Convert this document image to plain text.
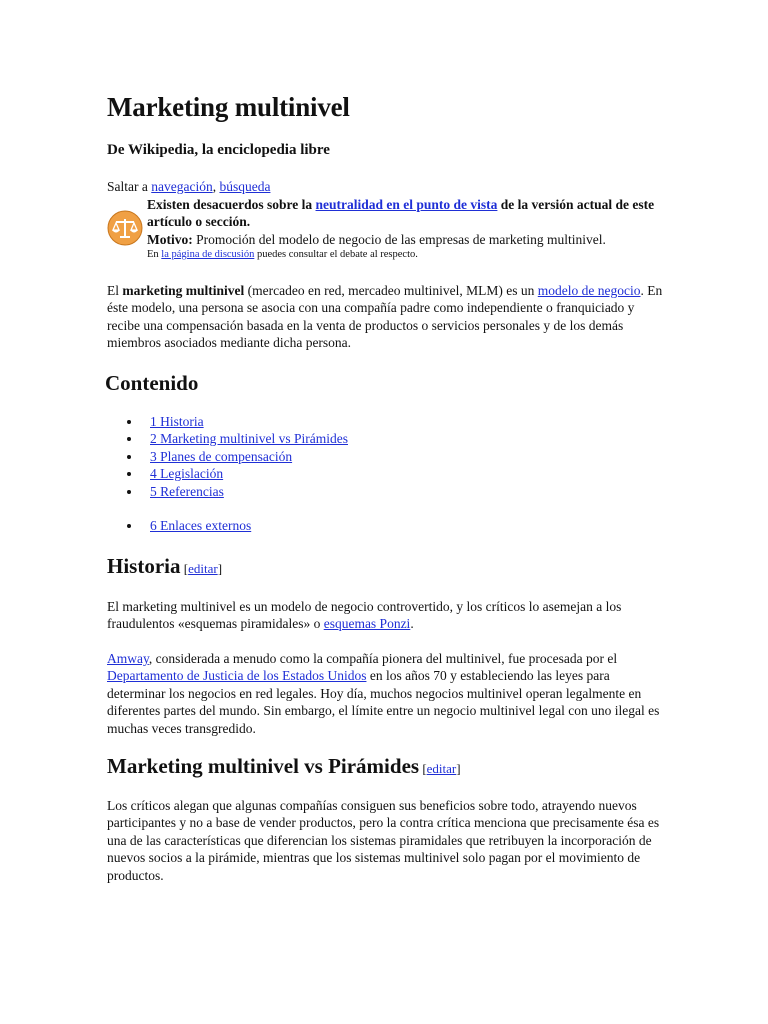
Marketing multinivel
De Wikipedia, la enciclopedia libre
Saltar a navegación, búsqueda
Existen desacuerdos sobre la neutralidad en el punto de vista de la versión actual de este artículo o sección.
Motivo: Promoción del modelo de negocio de las empresas de marketing multinivel.
En la página de discusión puedes consultar el debate al respecto.
El marketing multinivel (mercadeo en red, mercadeo multinivel, MLM) es un modelo de negocio. En éste modelo, una persona se asocia con una compañía padre como independiente o franquiciado y recibe una compensación basada en la venta de productos o servicios personales y de los demás miembros asociados mediante dicha persona.
Contenido
1 Historia
2 Marketing multinivel vs Pirámides
3 Planes de compensación
4 Legislación
5 Referencias
6 Enlaces externos
Historia [editar]
El marketing multinivel es un modelo de negocio controvertido, y los críticos lo asemejan a los fraudulentos «esquemas piramidales» o esquemas Ponzi.
Amway, considerada a menudo como la compañía pionera del multinivel, fue procesada por el Departamento de Justicia de los Estados Unidos en los años 70 y estableciendo las leyes para determinar los negocios en red legales. Hoy día, muchos negocios multinivel operan legalmente en diferentes partes del mundo. Sin embargo, el límite entre un negocio multinivel legal con uno ilegal es muchas veces transgredido.
Marketing multinivel vs Pirámides [editar]
Los críticos alegan que algunas compañías consiguen sus beneficios sobre todo, atrayendo nuevos participantes y no a base de vender productos, pero la contra crítica menciona que precisamente ésa es una de las características que diferencian los sistemas piramidales que retribuyen la incorporación de nuevos socios a la pirámide, mientras que los sistemas multinivel solo pagan por el movimiento de productos.
